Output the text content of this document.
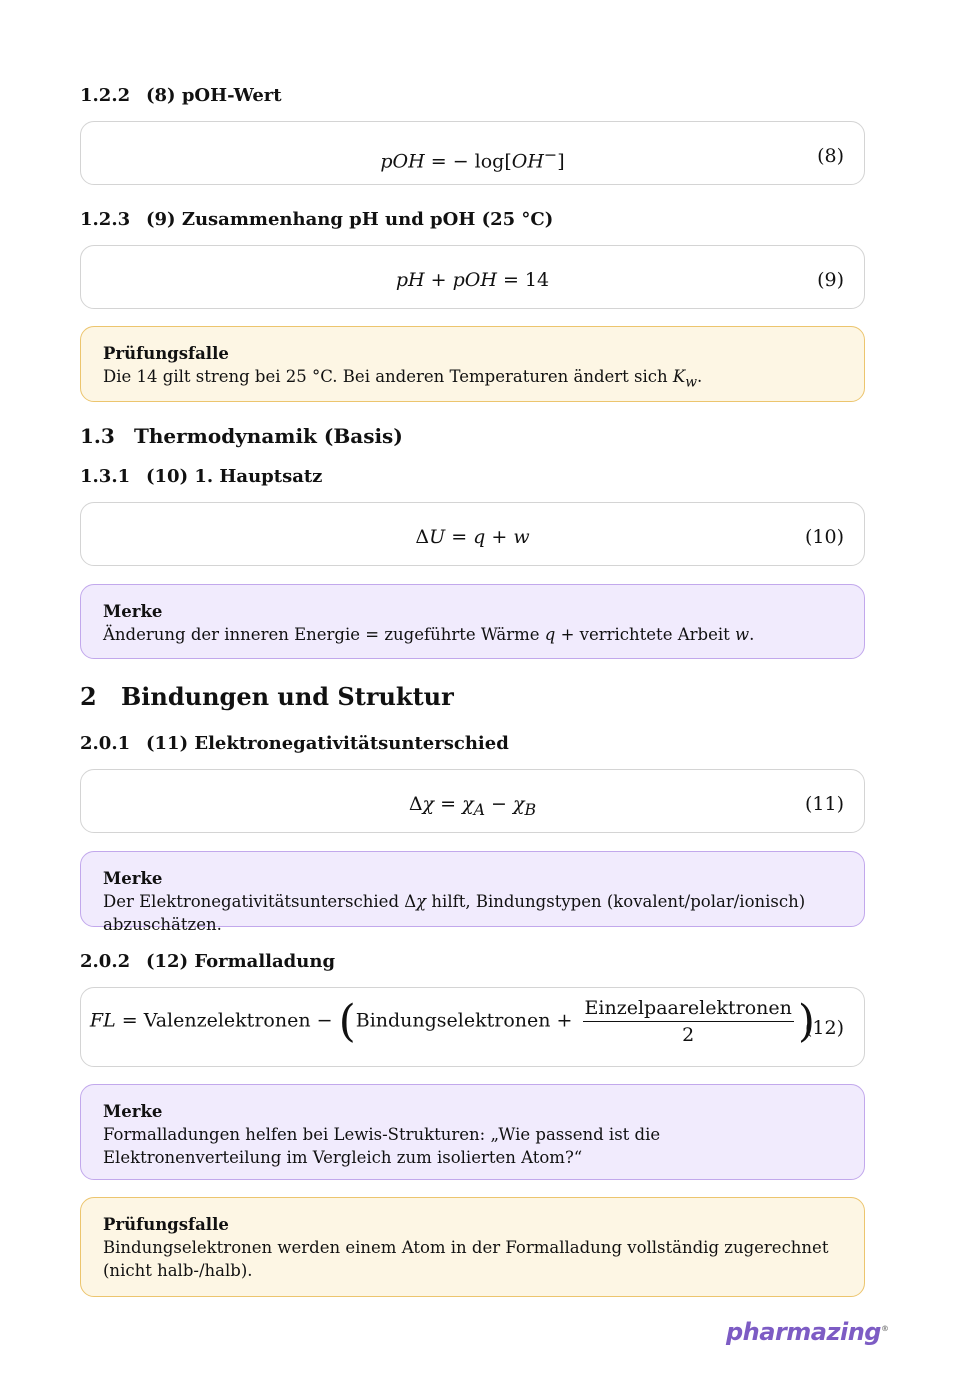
1.2.2 (8) pOH-Wert
pOH = − log[OH−]	(8)
1.2.3 (9) Zusammenhang pH und pOH (25 °C)
pH + pOH = 14	(9)
Prüfungsfalle
Die 14 gilt streng bei 25 °C. Bei anderen Temperaturen ändert sich $K_w$.
1.3 Thermodynamik (Basis)
1.3.1 (10) 1. Hauptsatz
ΔU = q + w	(10)
Merke
Änderung der inneren Energie = zugeführte Wärme q + verrichtete Arbeit w.
2 Bindungen und Struktur
2.0.1 (11) Elektronegativitätsunterschied
$\Delta\chi = \chi_A - \chi_B$	(11)
Merke
Der Elektronegativitätsunterschied Δχ hilft, Bindungstypen (kovalent/polar/ionisch) abzuschätzen.
2.0.2 (12) Formalladung
FL = Valenzelektronen − (Bindungselektronen + $\frac{\text{Einzelpaarelektronen}}{2}$ )
(12)
Merke
Formalladungen helfen bei Lewis-Strukturen: „Wie passend ist die Elektronenverteilung im Vergleich zum isolierten Atom?“
Prüfungsfalle
Bindungselektronen werden einem Atom in der Formalladung vollständig zugerechnet (nicht halb-/halb).
pharmazing®
